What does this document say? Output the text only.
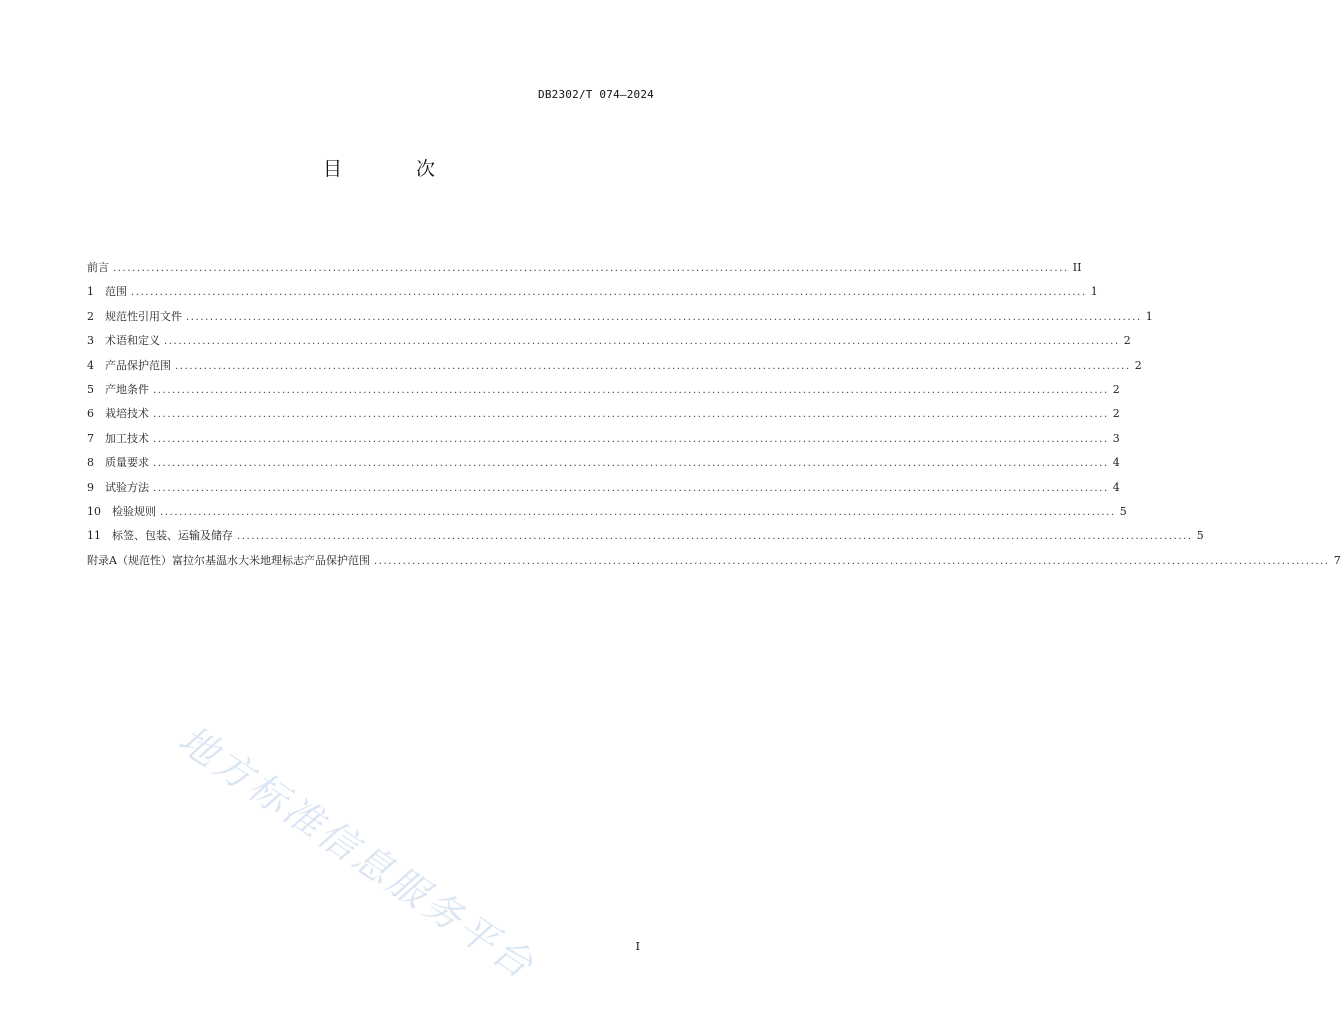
DB2302/T 074—2024
目 次
前言 ........................................................................................................................................................................................................ II
1	范围 ........................................................................................................................................................................................................ 1
2	规范性引用文件 ........................................................................................................................................................................................................ 1
3	术语和定义 ........................................................................................................................................................................................................ 2
4	产品保护范围 ........................................................................................................................................................................................................ 2
5	产地条件 ........................................................................................................................................................................................................ 2
6	栽培技术 ........................................................................................................................................................................................................ 2
7	加工技术 ........................................................................................................................................................................................................ 3
8	质量要求 ........................................................................................................................................................................................................ 4
9	试验方法 ........................................................................................................................................................................................................ 4
10	检验规则 ........................................................................................................................................................................................................ 5
11	标签、包装、运输及储存 ........................................................................................................................................................................................................ 5
附录A（规范性）富拉尔基温水大米地理标志产品保护范围 ........................................................................................................................................................................................................ 7
地方标准信息服务平台	I
